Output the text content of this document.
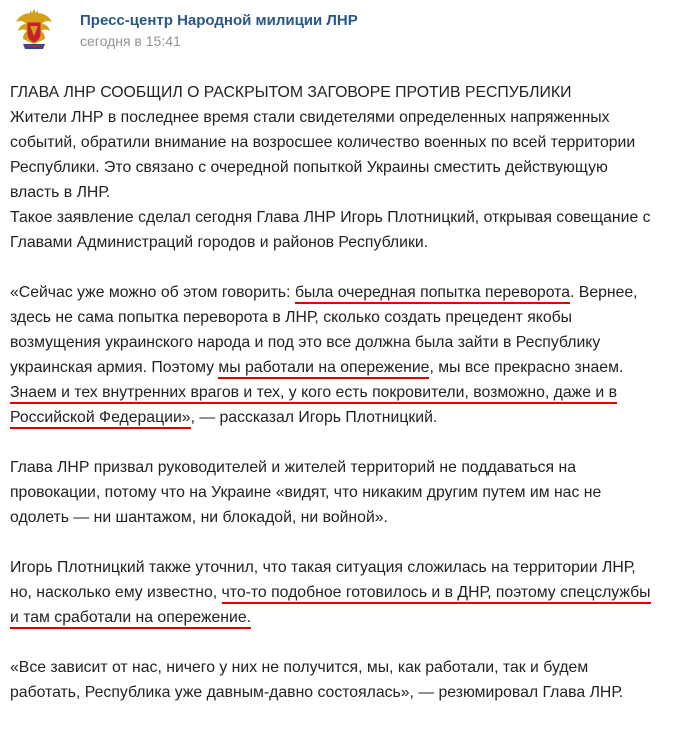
Пресс-центр Народной милиции ЛНР
сегодня в 15:41

ГЛАВА ЛНР СООБЩИЛ О РАСКРЫТОМ ЗАГОВОРЕ ПРОТИВ РЕСПУБЛИКИ
Жители ЛНР в последнее время стали свидетелями определенных напряженных событий, обратили внимание на возросшее количество военных по всей территории Республики. Это связано с очередной попыткой Украины сместить действующую власть в ЛНР.

Такое заявление сделал сегодня Глава ЛНР Игорь Плотницкий, открывая совещание с Главами Администраций городов и районов Республики.

«Сейчас уже можно об этом говорить: была очередная попытка переворота. Вернее, здесь не сама попытка переворота в ЛНР, сколько создать прецедент якобы возмущения украинского народа и под это все должна была зайти в Республику украинская армия. Поэтому мы работали на опережение, мы все прекрасно знаем. Знаем и тех внутренних врагов и тех, у кого есть покровители, возможно, даже и в Российской Федерации», — рассказал Игорь Плотницкий.

Глава ЛНР призвал руководителей и жителей территорий не поддаваться на провокации, потому что на Украине «видят, что никаким другим путем им нас не одолеть — ни шантажом, ни блокадой, ни войной».

Игорь Плотницкий также уточнил, что такая ситуация сложилась на территории ЛНР, но, насколько ему известно, что-то подобное готовилось и в ДНР, поэтому спецслужбы и там сработали на опережение.

«Все зависит от нас, ничего у них не получится, мы, как работали, так и будем работать, Республика уже давным-давно состоялась», — резюмировал Глава ЛНР.
